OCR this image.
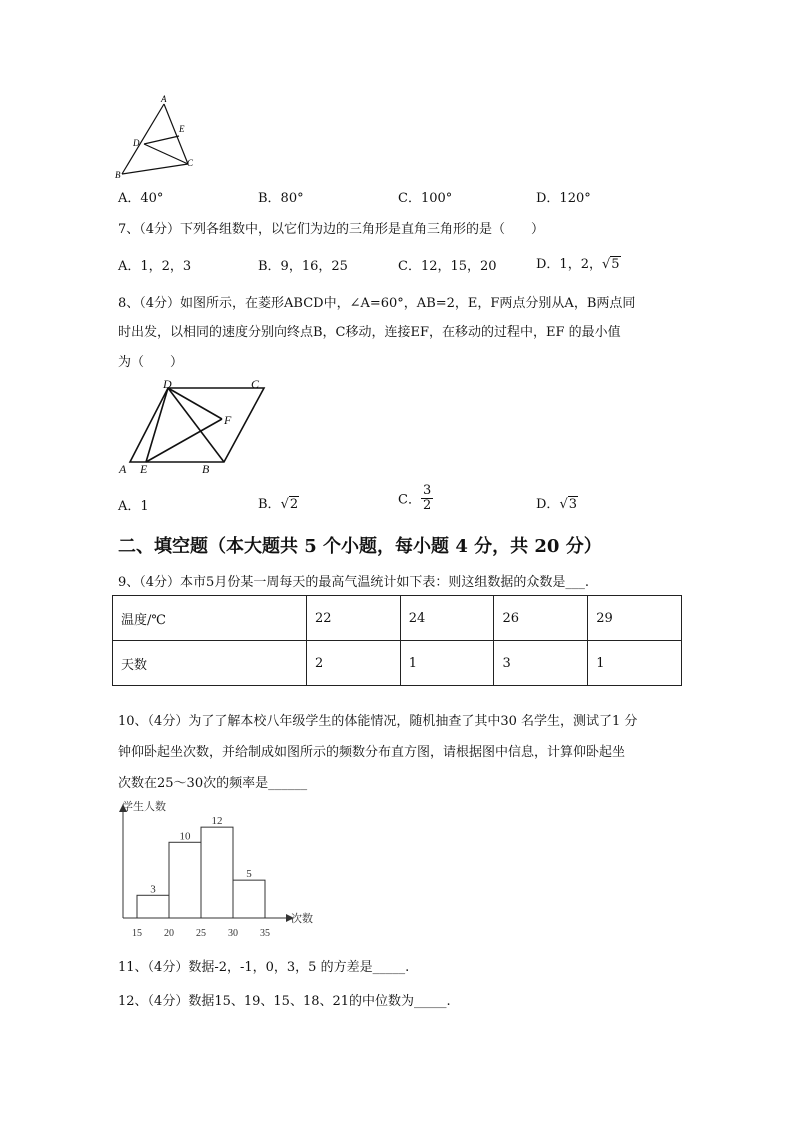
A
E
D
C
B
A．40°	B．80°	C．100°	D．120°
7、（4分）下列各组数中，以它们为边的三角形是直角三角形的是（　　）
A．1，2，3	B．9，16，25	C．12，15，20	D．1，2，√5
8、（4分）如图所示，在菱形ABCD中，∠A=60°，AB=2，E，F两点分别从A，B两点同
时出发，以相同的速度分别向终点B，C移动，连接EF，在移动的过程中，EF 的最小值
为（　　）
D	C
F
A E	B
A．1	B．√2	C． $\frac{3}{2}$	D．√3
二、填空题（本大题共 5 个小题，每小题 4 分，共 20 分）
9、（4分）本市5月份某一周每天的最高气温统计如下表：则这组数据的众数是___.
温度/℃	22	24	26	29
天数	2	1	3	1
10、（4分）为了了解本校八年级学生的体能情况，随机抽查了其中30 名学生，测试了1 分
钟仰卧起坐次数，并给制成如图所示的频数分布直方图，请根据图中信息，计算仰卧起坐
次数在25～30次的频率是______
学生人数
次数
3
10
12
5
15 20 25 30 35
11、（4分）数据-2，-1，0，3，5 的方差是_____.
12、（4分）数据15、19、15、18、21的中位数为_____.
